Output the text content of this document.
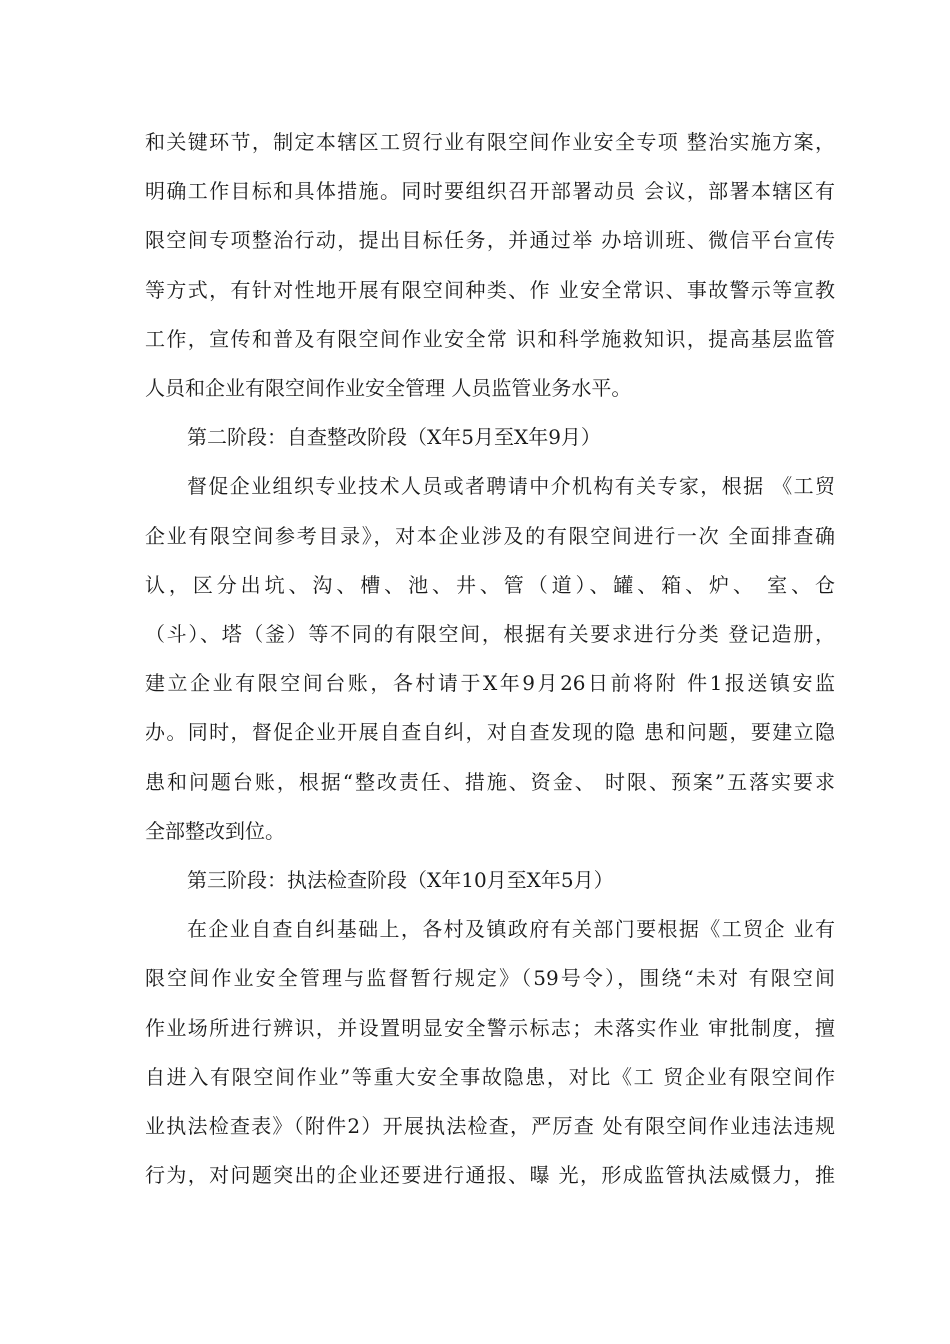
和关键环节，制定本辖区工贸行业有限空间作业安全专项 整治实施方案，
明确工作目标和具体措施。同时要组织召开部署动员 会议，部署本辖区有
限空间专项整治行动，提出目标任务，并通过举 办培训班、微信平台宣传
等方式，有针对性地开展有限空间种类、作 业安全常识、事故警示等宣教
工作，宣传和普及有限空间作业安全常 识和科学施救知识，提高基层监管
人员和企业有限空间作业安全管理 人员监管业务水平。
第二阶段：自查整改阶段（X年5月至X年9月）
督促企业组织专业技术人员或者聘请中介机构有关专家，根据 《工贸
企业有限空间参考目录》，对本企业涉及的有限空间进行一次 全面排查确
认，区分出坑、沟、槽、池、井、管（道）、罐、箱、炉、 室、仓
（斗）、塔（釜）等不同的有限空间，根据有关要求进行分类 登记造册，
建立企业有限空间台账，各村请于X年9月26日前将附 件1报送镇安监
办。同时，督促企业开展自查自纠，对自查发现的隐 患和问题，要建立隐
患和问题台账，根据“整改责任、措施、资金、 时限、预案”五落实要求
全部整改到位。
第三阶段：执法检查阶段（X年10月至X年5月）
在企业自查自纠基础上，各村及镇政府有关部门要根据《工贸企 业有
限空间作业安全管理与监督暂行规定》（59号令），围绕“未对 有限空间
作业场所进行辨识，并设置明显安全警示标志；未落实作业 审批制度，擅
自进入有限空间作业”等重大安全事故隐患，对比《工 贸企业有限空间作
业执法检查表》（附件2）开展执法检查，严厉查 处有限空间作业违法违规
行为，对问题突出的企业还要进行通报、曝 光，形成监管执法威慑力，推
